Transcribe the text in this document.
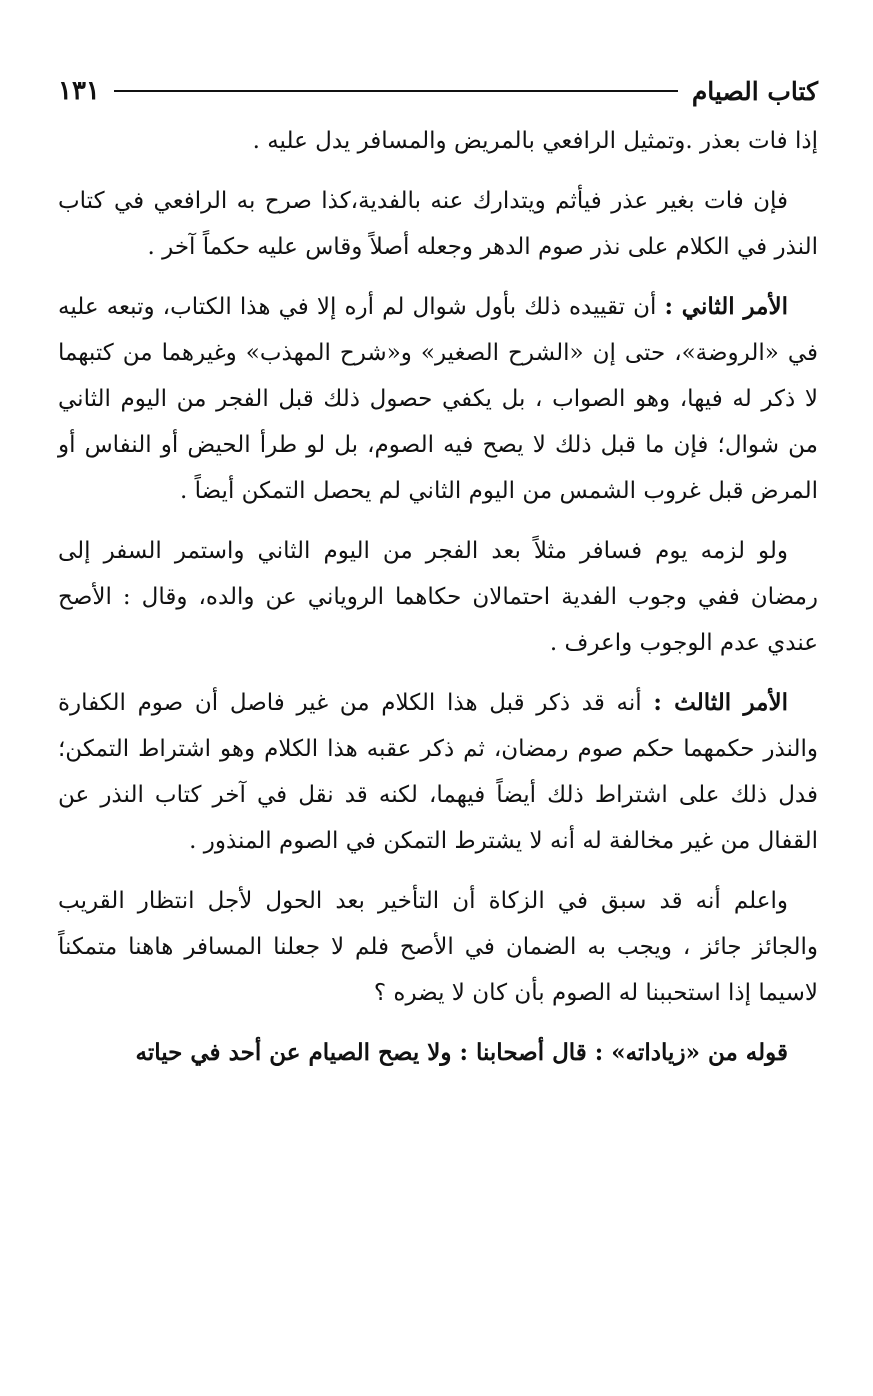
كتاب الصيام
١٣١

إذا فات بعذر .وتمثيل الرافعي بالمريض والمسافر يدل عليه .

فإن فات بغير عذر فيأثم ويتدارك عنه بالفدية،كذا صرح به الرافعي في كتاب النذر في الكلام على نذر صوم الدهر وجعله أصلاً وقاس عليه حكماً آخر .

الأمر الثاني : أن تقييده ذلك بأول شوال لم أره إلا في هذا الكتاب، وتبعه عليه في «الروضة»، حتى إن «الشرح الصغير» و«شرح المهذب» وغيرهما من كتبهما لا ذكر له فيها، وهو الصواب ، بل يكفي حصول ذلك قبل الفجر من اليوم الثاني من شوال؛ فإن ما قبل ذلك لا يصح فيه الصوم، بل لو طرأ الحيض أو النفاس أو المرض قبل غروب الشمس من اليوم الثاني لم يحصل التمكن أيضاً .

ولو لزمه يوم فسافر مثلاً بعد الفجر من اليوم الثاني واستمر السفر إلى رمضان ففي وجوب الفدية احتمالان حكاهما الروياني عن والده، وقال : الأصح عندي عدم الوجوب واعرف .

الأمر الثالث : أنه قد ذكر قبل هذا الكلام من غير فاصل أن صوم الكفارة والنذر حكمهما حكم صوم رمضان، ثم ذكر عقبه هذا الكلام وهو اشتراط التمكن؛ فدل ذلك على اشتراط ذلك أيضاً فيهما، لكنه قد نقل في آخر كتاب النذر عن القفال من غير مخالفة له أنه لا يشترط التمكن في الصوم المنذور .

واعلم أنه قد سبق في الزكاة أن التأخير بعد الحول لأجل انتظار القريب والجائز جائز ، ويجب به الضمان في الأصح فلم لا جعلنا المسافر هاهنا متمكناً لاسيما إذا استحببنا له الصوم بأن كان لا يضره ؟

قوله من «زياداته» : قال أصحابنا : ولا يصح الصيام عن أحد في حياته
